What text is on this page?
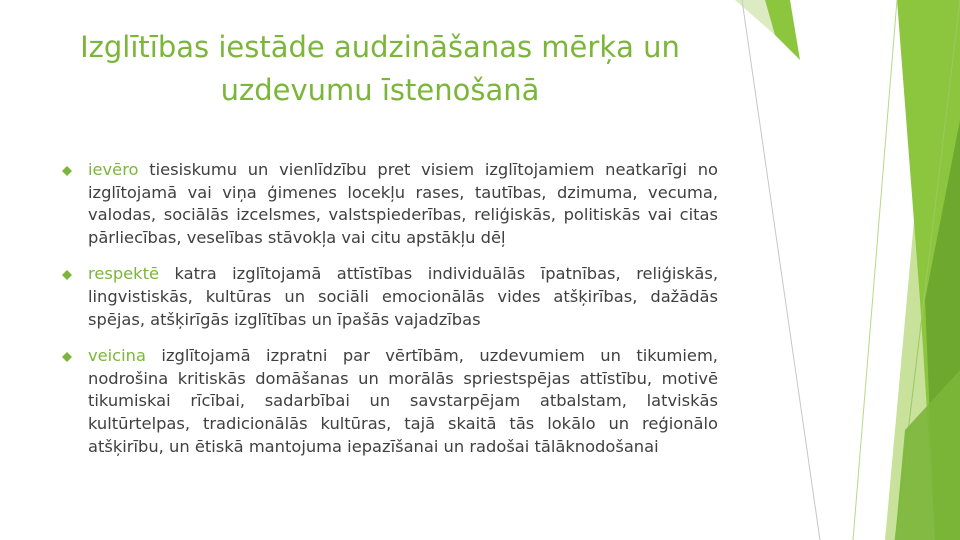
Izglītības iestāde audzināšanas mērķa un
uzdevumu īstenošanā
ievēro tiesiskumu un vienlīdzību pret visiem izglītojamiem neatkarīgi no izglītojamā vai viņa ģimenes locekļu rases, tautības, dzimuma, vecuma, valodas, sociālās izcelsmes, valstspiederības, reliģiskās, politiskās vai citas pārliecības, veselības stāvokļa vai citu apstākļu dēļ
respektē katra izglītojamā attīstības individuālās īpatnības, reliģiskās, lingvistiskās, kultūras un sociāli emocionālās vides atšķirības, dažādās spējas, atšķirīgās izglītības un īpašās vajadzības
veicina izglītojamā izpratni par vērtībām, uzdevumiem un tikumiem, nodrošina kritiskās domāšanas un morālās spriestspējas attīstību, motivē tikumiskai rīcībai, sadarbībai un savstarpējam atbalstam, latviskās kultūrtelpas, tradicionālās kultūras, tajā skaitā tās lokālo un reģionālo atšķirību, un ētiskā mantojuma iepazīšanai un radošai tālāknodošanai
